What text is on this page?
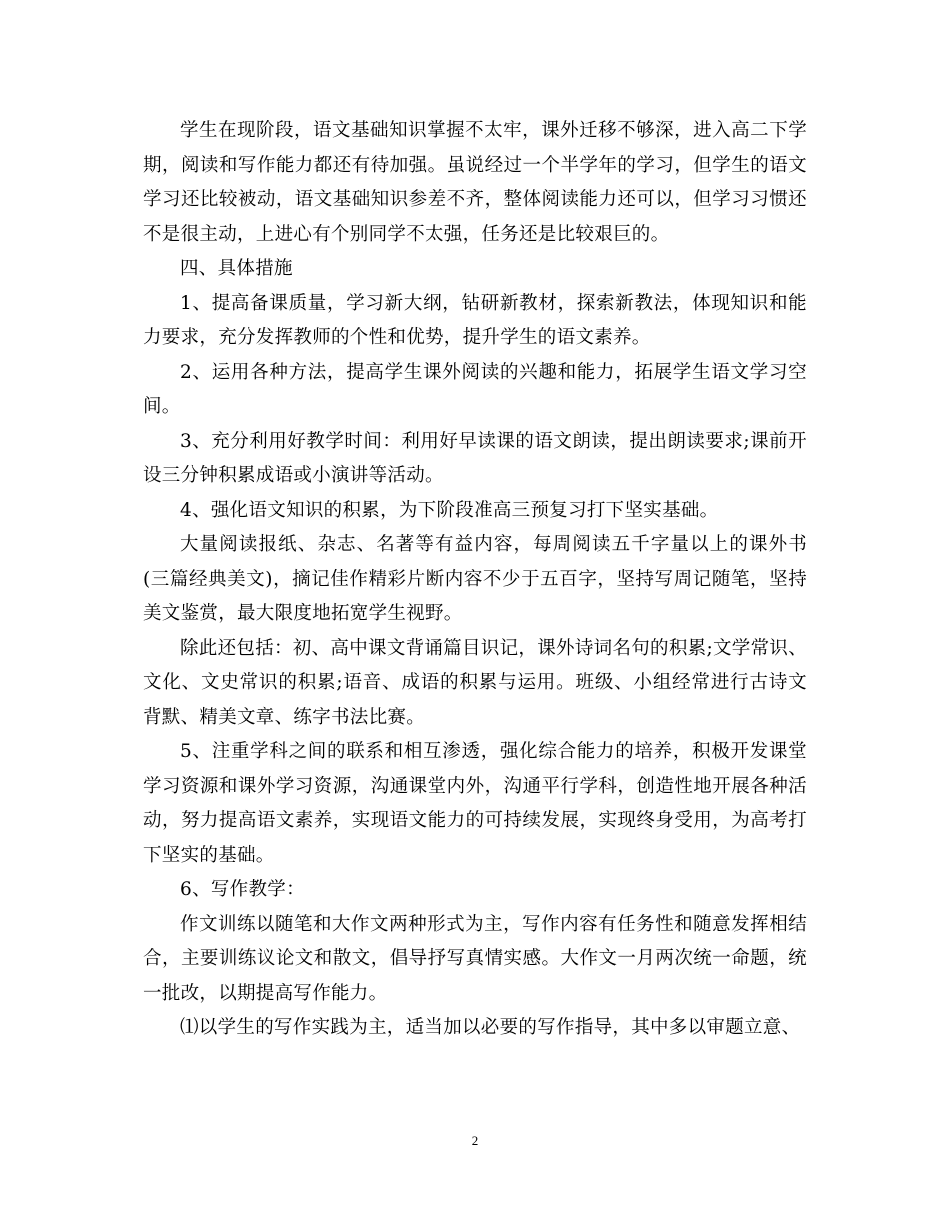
学生在现阶段，语文基础知识掌握不太牢，课外迁移不够深，进入高二下学期，阅读和写作能力都还有待加强。虽说经过一个半学年的学习，但学生的语文学习还比较被动，语文基础知识参差不齐，整体阅读能力还可以，但学习习惯还不是很主动，上进心有个别同学不太强，任务还是比较艰巨的。

四、具体措施

1、提高备课质量，学习新大纲，钻研新教材，探索新教法，体现知识和能力要求，充分发挥教师的个性和优势，提升学生的语文素养。

2、运用各种方法，提高学生课外阅读的兴趣和能力，拓展学生语文学习空间。

3、充分利用好教学时间：利用好早读课的语文朗读，提出朗读要求;课前开设三分钟积累成语或小演讲等活动。

4、强化语文知识的积累，为下阶段准高三预复习打下坚实基础。

大量阅读报纸、杂志、名著等有益内容，每周阅读五千字量以上的课外书(三篇经典美文)，摘记佳作精彩片断内容不少于五百字，坚持写周记随笔，坚持美文鉴赏，最大限度地拓宽学生视野。

除此还包括：初、高中课文背诵篇目识记，课外诗词名句的积累;文学常识、文化、文史常识的积累;语音、成语的积累与运用。班级、小组经常进行古诗文背默、精美文章、练字书法比赛。

5、注重学科之间的联系和相互渗透，强化综合能力的培养，积极开发课堂学习资源和课外学习资源，沟通课堂内外，沟通平行学科，创造性地开展各种活动，努力提高语文素养，实现语文能力的可持续发展，实现终身受用，为高考打下坚实的基础。

6、写作教学：

作文训练以随笔和大作文两种形式为主，写作内容有任务性和随意发挥相结合，主要训练议论文和散文，倡导抒写真情实感。大作文一月两次统一命题，统一批改，以期提高写作能力。

⑴以学生的写作实践为主，适当加以必要的写作指导，其中多以审题立意、

2
